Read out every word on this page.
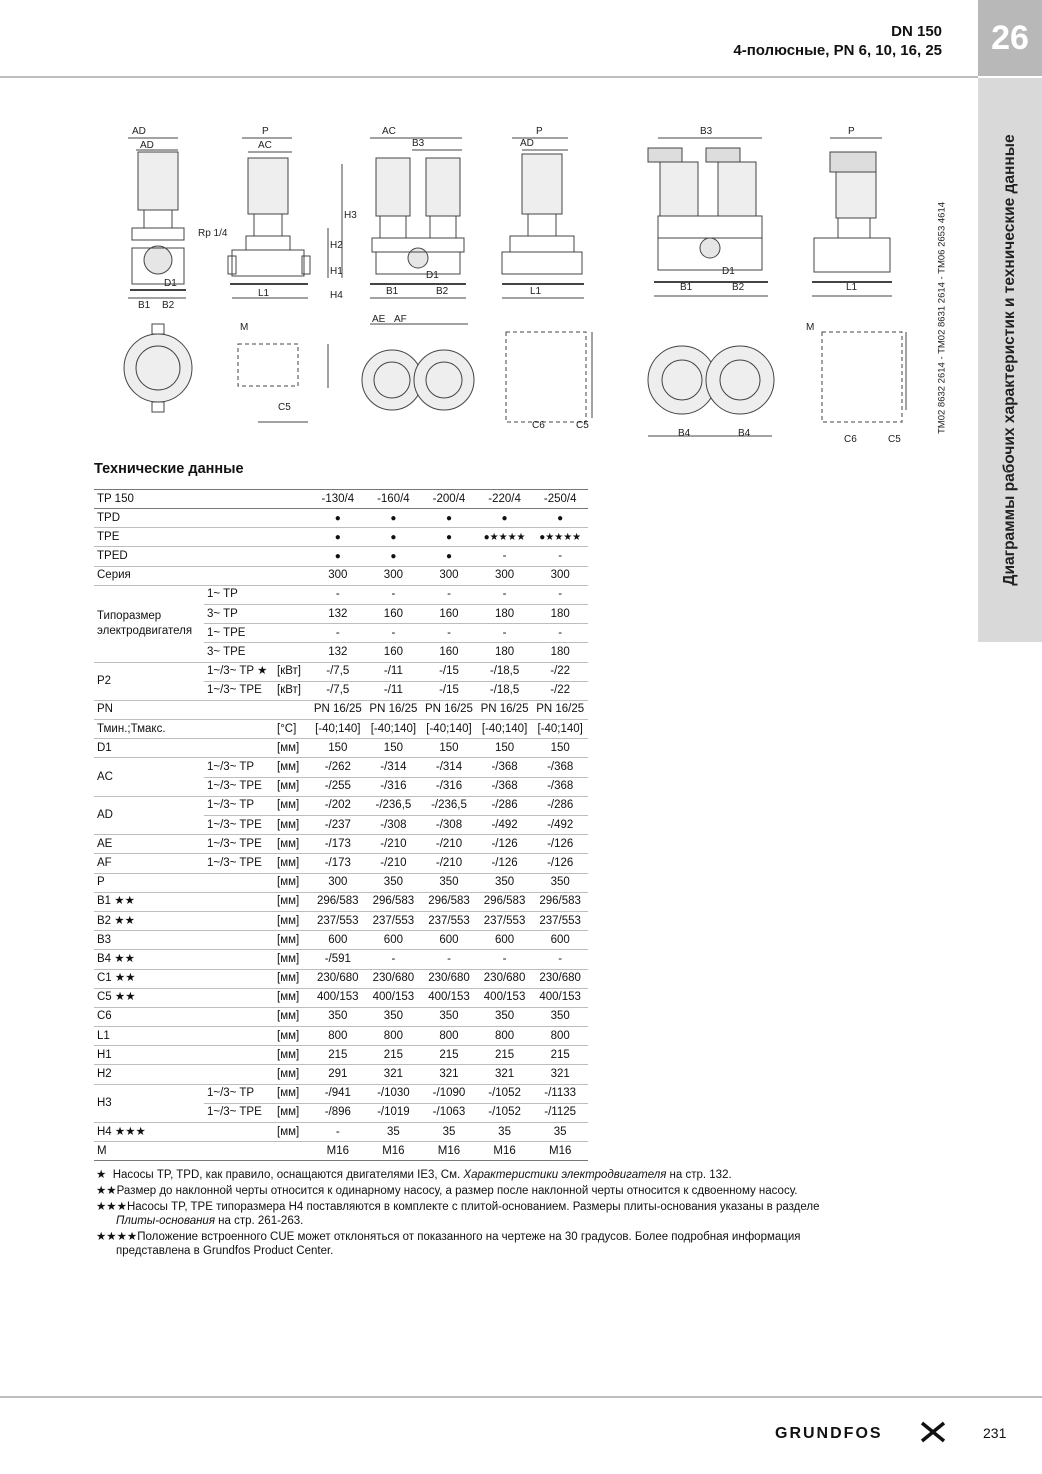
DN 150
4-полюсные, PN 6, 10, 16, 25	26
Диаграммы рабочих характеристик и технические данные
TM02 8632 2614 - TM02 8631 2614 - TM06 2653 4614
AD
AD
D1
B1 B2
P
AC
Rp 1/4
L1
H3
H2
H1
H4
AC
B3
D1
B1	B2
P
AD
L1
B3
D1
B1	B2
P
L1
M
C5
AE AF
C6	C5
B4	B4
M
C6	C5
Технические данные
TP 150			-130/4	-160/4	-200/4	-220/4	-250/4
TPD			●	●	●	●	●
TPE			●	●	●	●★★★★	●★★★★
TPED			●	●	●	-	-
Серия			300	300	300	300	300
Типоразмер
электродвигателя	1~ TP		-	-	-	-	-
	3~ TP		132	160	160	180	180
	1~ TPE		-	-	-	-	-
	3~ TPE		132	160	160	180	180
P2	1~/3~ TP ★	[кВт]	-/7,5	-/11	-/15	-/18,5	-/22
	1~/3~ TPE	[кВт]	-/7,5	-/11	-/15	-/18,5	-/22
PN			PN 16/25	PN 16/25	PN 16/25	PN 16/25	PN 16/25
Тмин.;Тмакс.		[°C]	[-40;140]	[-40;140]	[-40;140]	[-40;140]	[-40;140]
D1		[мм]	150	150	150	150	150
AC	1~/3~ TP	[мм]	-/262	-/314	-/314	-/368	-/368
	1~/3~ TPE	[мм]	-/255	-/316	-/316	-/368	-/368
AD	1~/3~ TP	[мм]	-/202	-/236,5	-/236,5	-/286	-/286
	1~/3~ TPE	[мм]	-/237	-/308	-/308	-/492	-/492
AE	1~/3~ TPE	[мм]	-/173	-/210	-/210	-/126	-/126
AF	1~/3~ TPE	[мм]	-/173	-/210	-/210	-/126	-/126
P		[мм]	300	350	350	350	350
B1 ★★		[мм]	296/583	296/583	296/583	296/583	296/583
B2 ★★		[мм]	237/553	237/553	237/553	237/553	237/553
B3		[мм]	600	600	600	600	600
B4 ★★		[мм]	-/591	-	-	-	-
C1 ★★		[мм]	230/680	230/680	230/680	230/680	230/680
C5 ★★		[мм]	400/153	400/153	400/153	400/153	400/153
C6		[мм]	350	350	350	350	350
L1		[мм]	800	800	800	800	800
H1		[мм]	215	215	215	215	215
H2		[мм]	291	321	321	321	321
H3	1~/3~ TP	[мм]	-/941	-/1030	-/1090	-/1052	-/1133
	1~/3~ TPE	[мм]	-/896	-/1019	-/1063	-/1052	-/1125
H4 ★★★		[мм]	-	35	35	35	35
M			M16	M16	M16	M16	M16
★ Насосы TP, TPD, как правило, оснащаются двигателями IE3, См. Характеристики электродвигателя на стр. 132.
★★Размер до наклонной черты относится к одинарному насосу, а размер после наклонной черты относится к сдвоенному насосу.
★★★Насосы TP, TPE типоразмера H4 поставляются в комплекте с плитой-основанием. Размеры плиты-основания указаны в разделе
Плиты-основания на стр. 261-263.
★★★★Положение встроенного CUE может отклоняться от показанного на чертеже на 30 градусов. Более подробная информация
представлена в Grundfos Product Center.
GRUNDFOS	231
